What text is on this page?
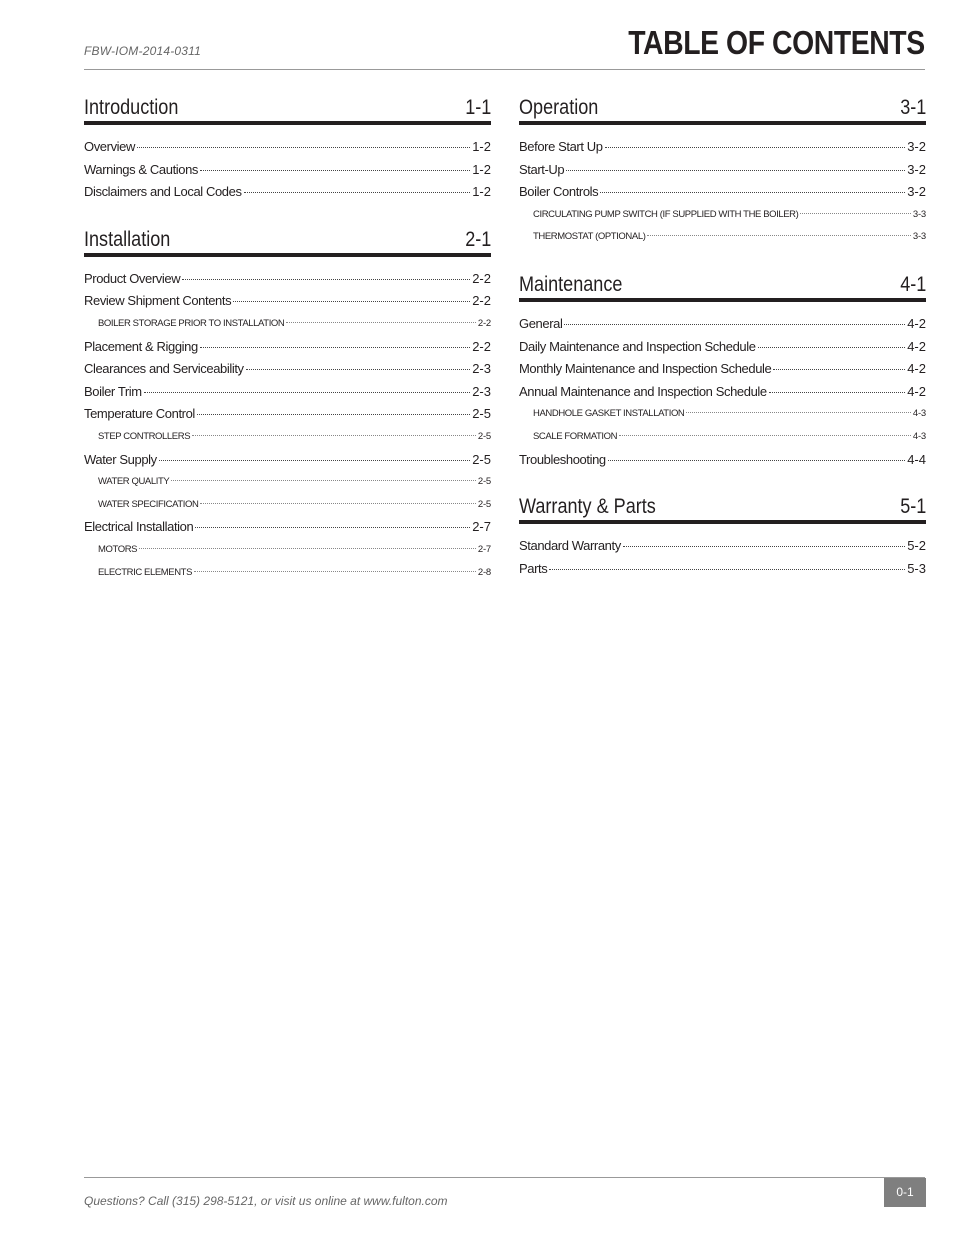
FBW-IOM-2014-0311	TABLE OF CONTENTS
Introduction	1-1
Overview	1-2
Warnings & Cautions	1-2
Disclaimers and Local Codes	1-2
Installation	2-1
Product Overview	2-2
Review Shipment Contents	2-2
BOILER STORAGE PRIOR TO INSTALLATION	2-2
Placement & Rigging	2-2
Clearances and Serviceability	2-3
Boiler Trim	2-3
Temperature Control	2-5
STEP CONTROLLERS	2-5
Water Supply	2-5
WATER QUALITY	2-5
WATER SPECIFICATION	2-5
Electrical Installation	2-7
MOTORS	2-7
ELECTRIC ELEMENTS	2-8
Operation	3-1
Before Start Up	3-2
Start-Up	3-2
Boiler Controls	3-2
CIRCULATING PUMP SWITCH (IF SUPPLIED WITH THE BOILER)	3-3
THERMOSTAT (OPTIONAL)	3-3
Maintenance	4-1
General	4-2
Daily Maintenance and Inspection Schedule	4-2
Monthly Maintenance and Inspection Schedule	4-2
Annual Maintenance and Inspection Schedule	4-2
HANDHOLE GASKET INSTALLATION	4-3
SCALE FORMATION	4-3
Troubleshooting	4-4
Warranty & Parts	5-1
Standard Warranty	5-2
Parts	5-3
Questions? Call (315) 298-5121, or visit us online at www.fulton.com
0-1
